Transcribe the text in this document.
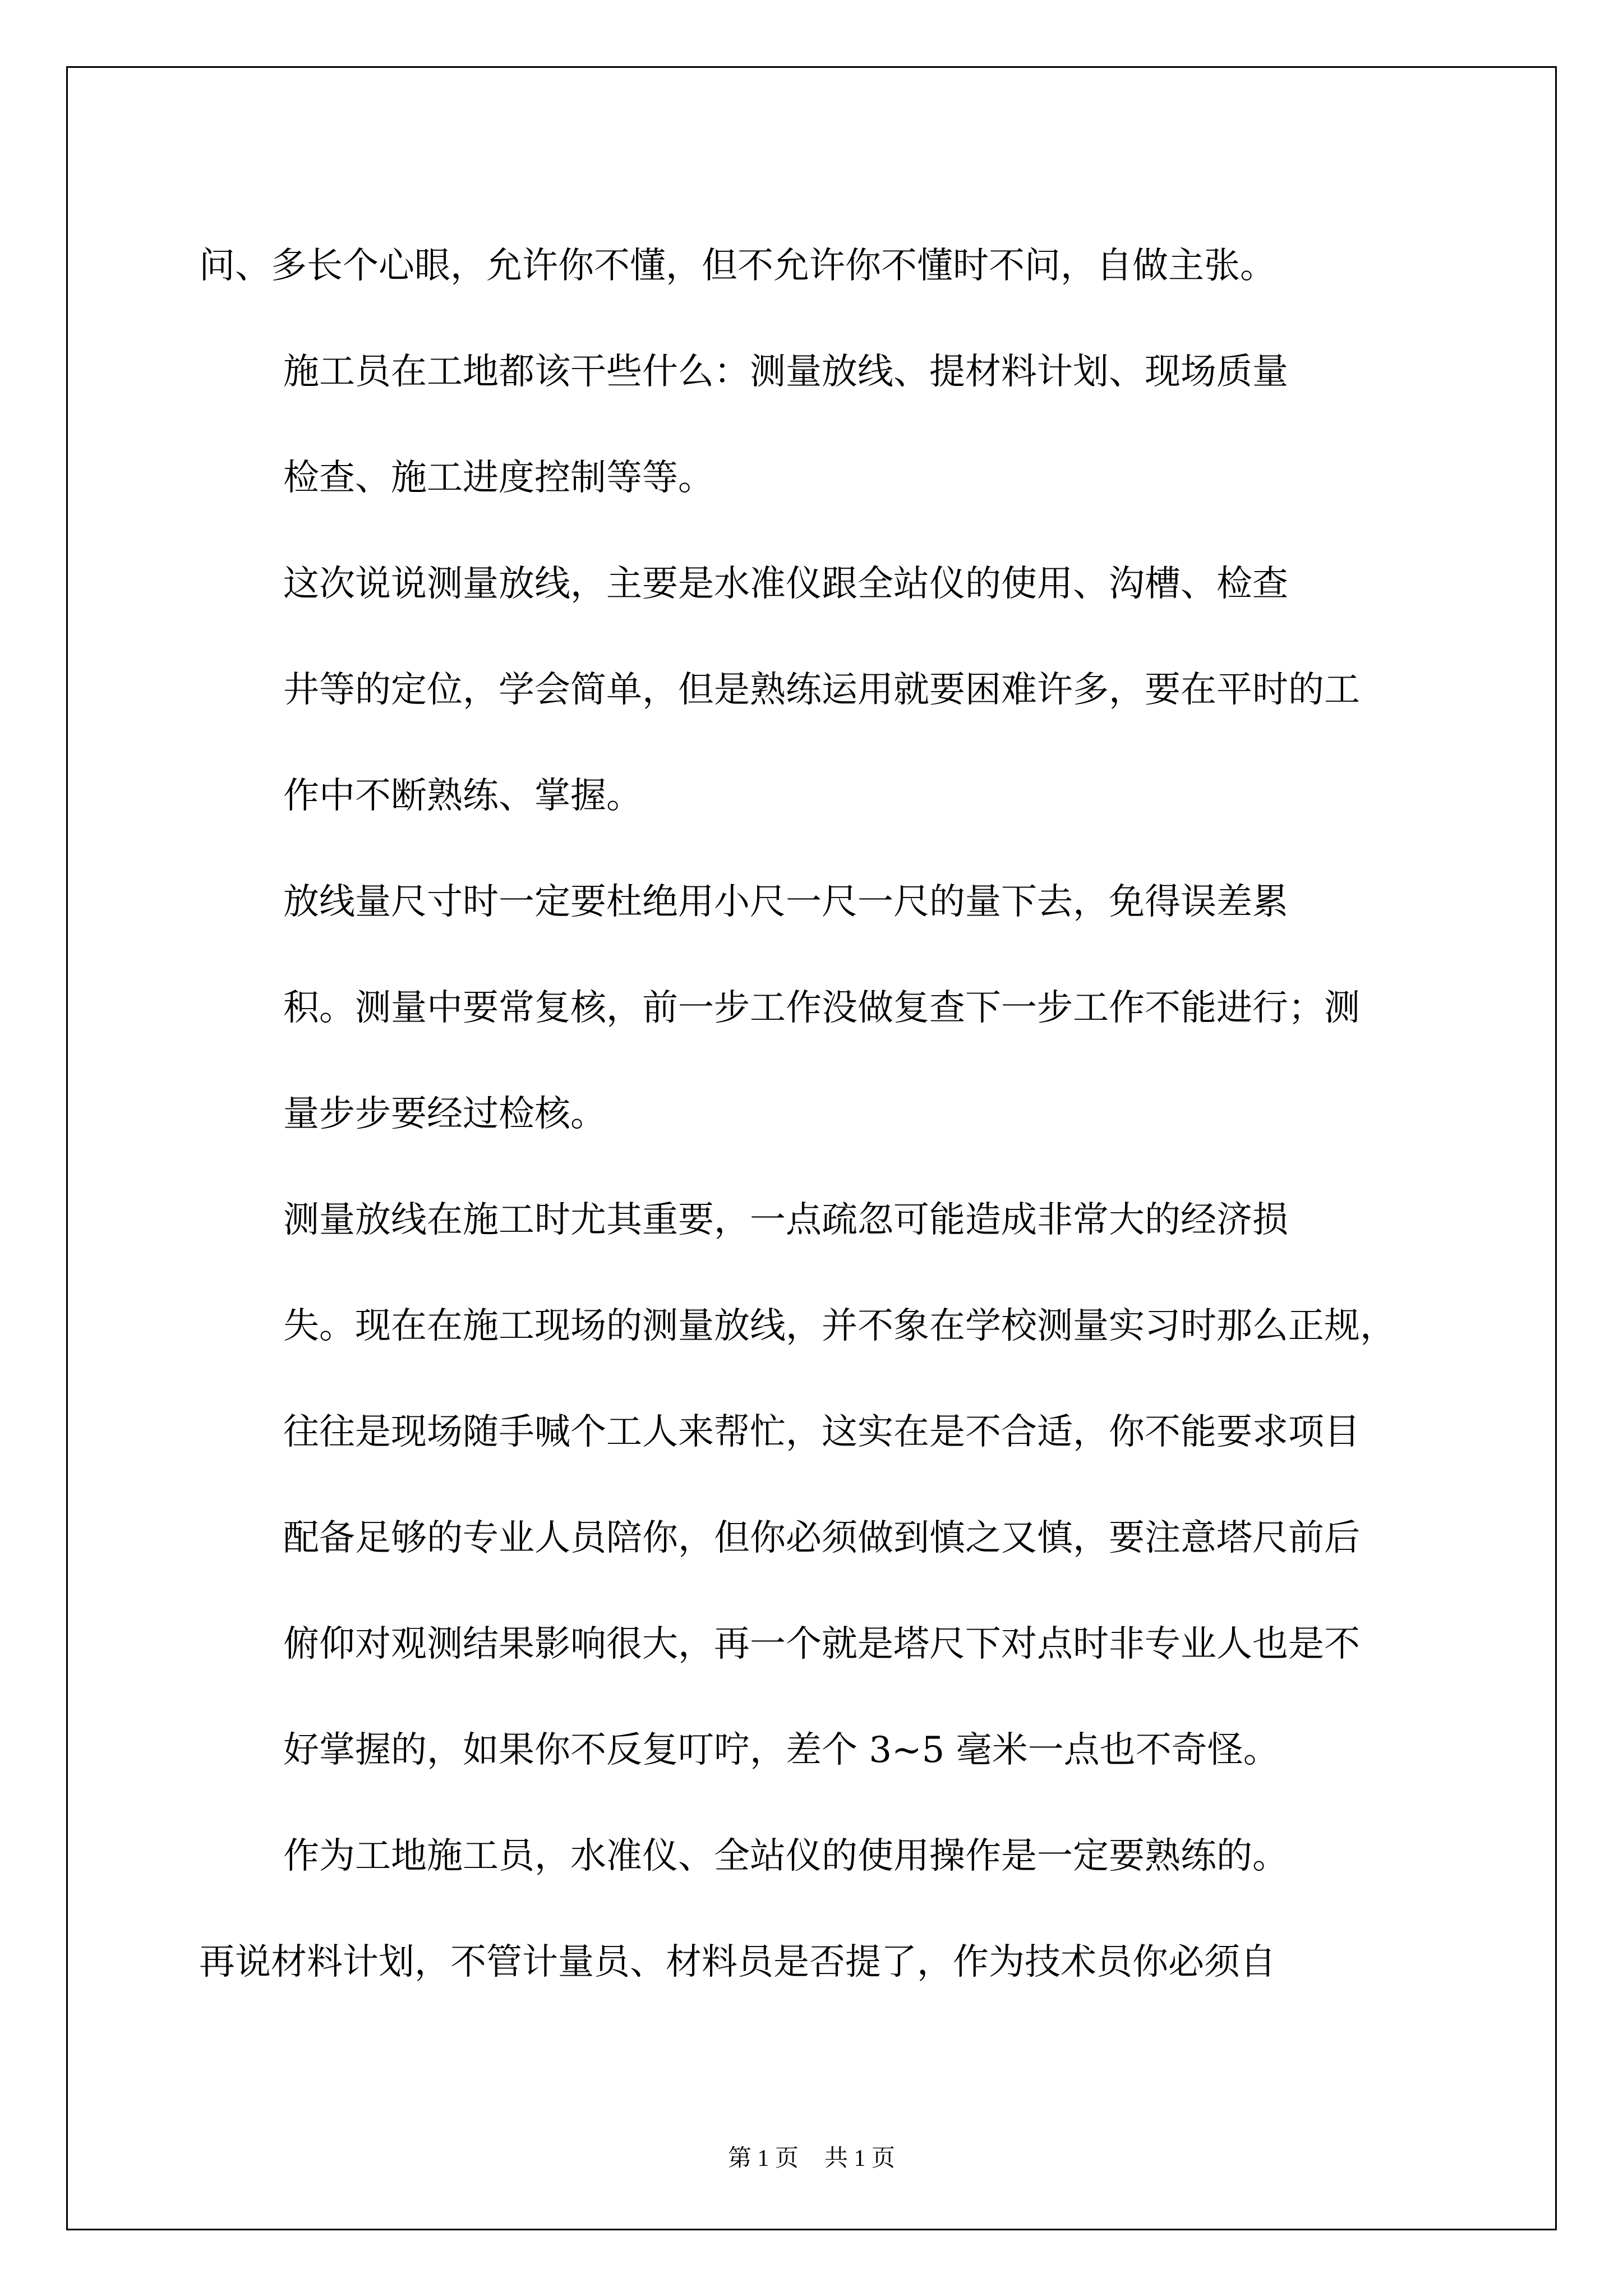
问、多长个心眼，允许你不懂，但不允许你不懂时不问，自做主张。

施工员在工地都该干些什么：测量放线、提材料计划、现场质量
检查、施工进度控制等等。

这次说说测量放线，主要是水准仪跟全站仪的使用、沟槽、检查
井等的定位，学会简单，但是熟练运用就要困难许多，要在平时的工
作中不断熟练、掌握。

放线量尺寸时一定要杜绝用小尺一尺一尺的量下去，免得误差累
积。测量中要常复核，前一步工作没做复查下一步工作不能进行；测
量步步要经过检核。

测量放线在施工时尤其重要，一点疏忽可能造成非常大的经济损
失。现在在施工现场的测量放线，并不象在学校测量实习时那么正规，
往往是现场随手喊个工人来帮忙，这实在是不合适，你不能要求项目
配备足够的专业人员陪你，但你必须做到慎之又慎，要注意塔尺前后
俯仰对观测结果影响很大，再一个就是塔尺下对点时非专业人也是不
好掌握的，如果你不反复叮咛，差个 3~5 毫米一点也不奇怪。

作为工地施工员，水准仪、全站仪的使用操作是一定要熟练的。

再说材料计划，不管计量员、材料员是否提了，作为技术员你必须自

第 1 页 共 1 页
